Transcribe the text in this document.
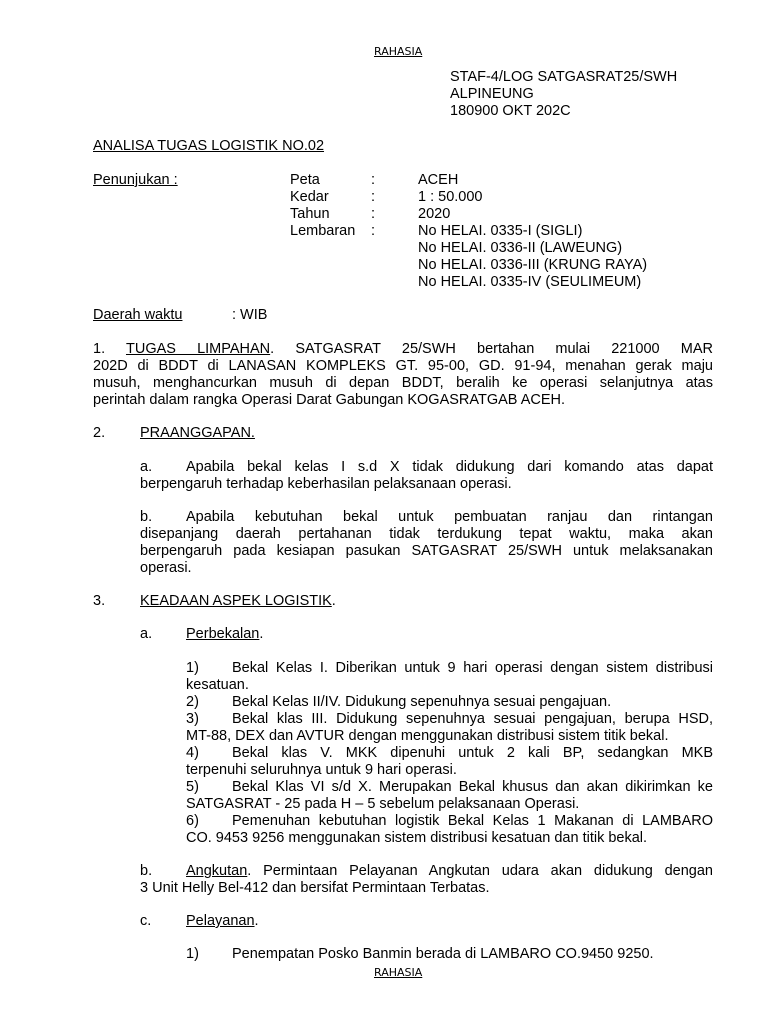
RAHASIA
STAF-4/LOG SATGASRAT25/SWH
ALPINEUNG
180900 OKT 202C
ANALISA TUGAS LOGISTIK NO.02
Penunjukan :	Peta	:	ACEH
Kedar	:	1 : 50.000
Tahun	:	2020
Lembaran :	No HELAI. 0335-I (SIGLI)
No HELAI. 0336-II (LAWEUNG)
No HELAI. 0336-III (KRUNG RAYA)
No HELAI. 0335-IV (SEULIMEUM)
Daerah waktu	: WIB
1. TUGAS LIMPAHAN. SATGASRAT 25/SWH bertahan mulai 221000 MAR
202D di BDDT di LANASAN KOMPLEKS GT. 95-00, GD. 91-94, menahan gerak maju
musuh, menghancurkan musuh di depan BDDT, beralih ke operasi selanjutnya atas
perintah dalam rangka Operasi Darat Gabungan KOGASRATGAB ACEH.
2. PRAANGGAPAN.
a. Apabila bekal kelas I s.d X tidak didukung dari komando atas dapat
berpengaruh terhadap keberhasilan pelaksanaan operasi.
b. Apabila kebutuhan bekal untuk pembuatan ranjau dan rintangan
disepanjang daerah pertahanan tidak terdukung tepat waktu, maka akan
berpengaruh pada kesiapan pasukan SATGASRAT 25/SWH untuk melaksanakan
operasi.
3. KEADAAN ASPEK LOGISTIK.
a. Perbekalan.
1) Bekal Kelas I. Diberikan untuk 9 hari operasi dengan sistem distribusi
kesatuan.
2) Bekal Kelas II/IV. Didukung sepenuhnya sesuai pengajuan.
3) Bekal klas III. Didukung sepenuhnya sesuai pengajuan, berupa HSD,
MT-88, DEX dan AVTUR dengan menggunakan distribusi sistem titik bekal.
4) Bekal klas V. MKK dipenuhi untuk 2 kali BP, sedangkan MKB
terpenuhi seluruhnya untuk 9 hari operasi.
5) Bekal Klas VI s/d X. Merupakan Bekal khusus dan akan dikirimkan ke
SATGASRAT - 25 pada H – 5 sebelum pelaksanaan Operasi.
6) Pemenuhan kebutuhan logistik Bekal Kelas 1 Makanan di LAMBARO
CO. 9453 9256 menggunakan sistem distribusi kesatuan dan titik bekal.
b. Angkutan. Permintaan Pelayanan Angkutan udara akan didukung dengan
3 Unit Helly Bel-412 dan bersifat Permintaan Terbatas.
c. Pelayanan.
1) Penempatan Posko Banmin berada di LAMBARO CO.9450 9250.
RAHASIA
